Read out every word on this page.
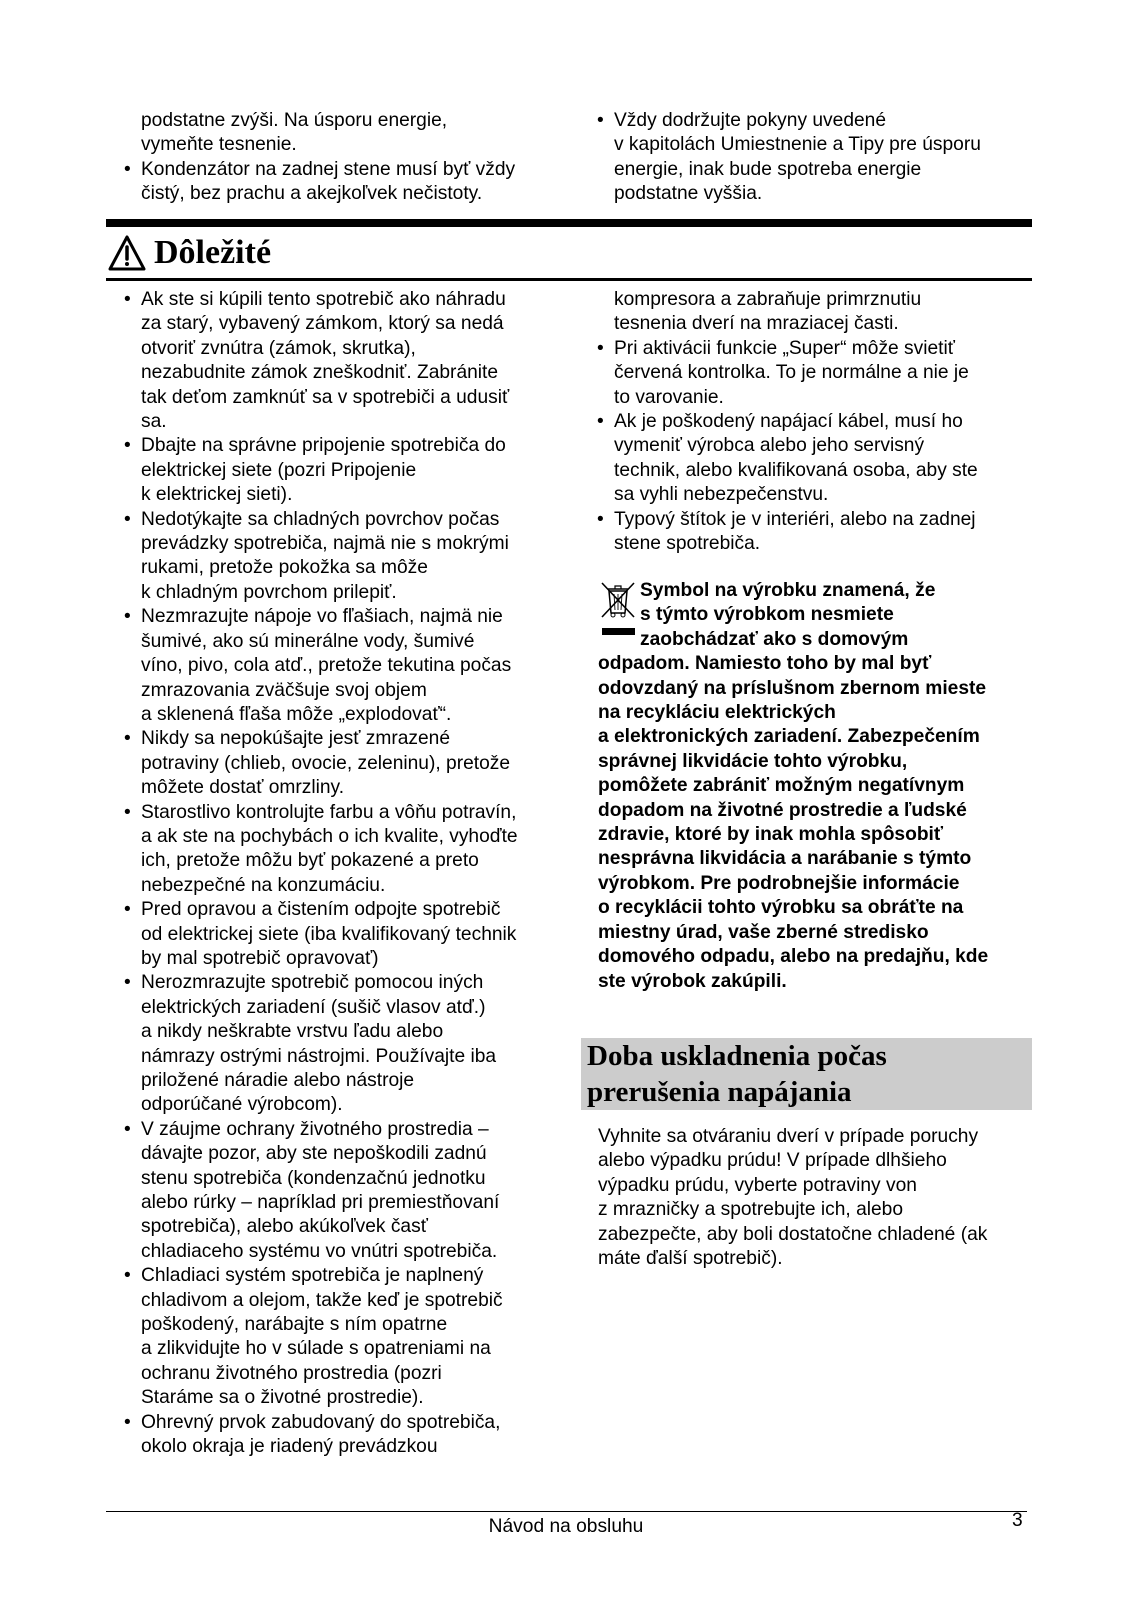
podstatne zvýši. Na úsporu energie,
vymeňte tesnenie.
• Kondenzátor na zadnej stene musí byť vždy
čistý, bez prachu a akejkoľvek nečistoty.
• Vždy dodržujte pokyny uvedené
v kapitolách Umiestnenie a Tipy pre úsporu
energie, inak bude spotreba energie
podstatne vyššia.
Dôležité
• Ak ste si kúpili tento spotrebič ako náhradu
za starý, vybavený zámkom, ktorý sa nedá
otvoriť zvnútra (zámok, skrutka),
nezabudnite zámok zneškodniť. Zabránite
tak deťom zamknúť sa v spotrebiči a udusiť
sa.
• Dbajte na správne pripojenie spotrebiča do
elektrickej siete (pozri Pripojenie
k elektrickej sieti).
• Nedotýkajte sa chladných povrchov počas
prevádzky spotrebiča, najmä nie s mokrými
rukami, pretože pokožka sa môže
k chladným povrchom prilepiť.
• Nezmrazujte nápoje vo fľašiach, najmä nie
šumivé, ako sú minerálne vody, šumivé
víno, pivo, cola atď., pretože tekutina počas
zmrazovania zväčšuje svoj objem
a sklenená fľaša môže „explodovať“.
• Nikdy sa nepokúšajte jesť zmrazené
potraviny (chlieb, ovocie, zeleninu), pretože
môžete dostať omrzliny.
• Starostlivo kontrolujte farbu a vôňu potravín,
a ak ste na pochybách o ich kvalite, vyhoďte
ich, pretože môžu byť pokazené a preto
nebezpečné na konzumáciu.
• Pred opravou a čistením odpojte spotrebič
od elektrickej siete (iba kvalifikovaný technik
by mal spotrebič opravovať)
• Nerozmrazujte spotrebič pomocou iných
elektrických zariadení (sušič vlasov atď.)
a nikdy neškrabte vrstvu ľadu alebo
námrazy ostrými nástrojmi. Používajte iba
priložené náradie alebo nástroje
odporúčané výrobcom).
• V záujme ochrany životného prostredia –
dávajte pozor, aby ste nepoškodili zadnú
stenu spotrebiča (kondenzačnú jednotku
alebo rúrky – napríklad pri premiestňovaní
spotrebiča), alebo akúkoľvek časť
chladiaceho systému vo vnútri spotrebiča.
• Chladiaci systém spotrebiča je naplnený
chladivom a olejom, takže keď je spotrebič
poškodený, narábajte s ním opatrne
a zlikvidujte ho v súlade s opatreniami na
ochranu životného prostredia (pozri
Staráme sa o životné prostredie).
• Ohrevný prvok zabudovaný do spotrebiča,
okolo okraja je riadený prevádzkou
kompresora a zabraňuje primrznutiu
tesnenia dverí na mraziacej časti.
• Pri aktivácii funkcie „Super“ môže svietiť
červená kontrolka. To je normálne a nie je
to varovanie.
• Ak je poškodený napájací kábel, musí ho
vymeniť výrobca alebo jeho servisný
technik, alebo kvalifikovaná osoba, aby ste
sa vyhli nebezpečenstvu.
• Typový štítok je v interiéri, alebo na zadnej
stene spotrebiča.
Symbol na výrobku znamená, že
s týmto výrobkom nesmiete
zaobchádzať ako s domovým
odpadom. Namiesto toho by mal byť
odovzdaný na príslušnom zbernom mieste
na recykláciu elektrických
a elektronických zariadení. Zabezpečením
správnej likvidácie tohto výrobku,
pomôžete zabrániť možným negatívnym
dopadom na životné prostredie a ľudské
zdravie, ktoré by inak mohla spôsobiť
nesprávna likvidácia a narábanie s týmto
výrobkom. Pre podrobnejšie informácie
o recyklácii tohto výrobku sa obráťte na
miestny úrad, vaše zberné stredisko
domového odpadu, alebo na predajňu, kde
ste výrobok zakúpili.
Doba uskladnenia počas
prerušenia napájania
Vyhnite sa otváraniu dverí v prípade poruchy
alebo výpadku prúdu! V prípade dlhšieho
výpadku prúdu, vyberte potraviny von
z mrazničky a spotrebujte ich, alebo
zabezpečte, aby boli dostatočne chladené (ak
máte ďalší spotrebič).
Návod na obsluhu	3
